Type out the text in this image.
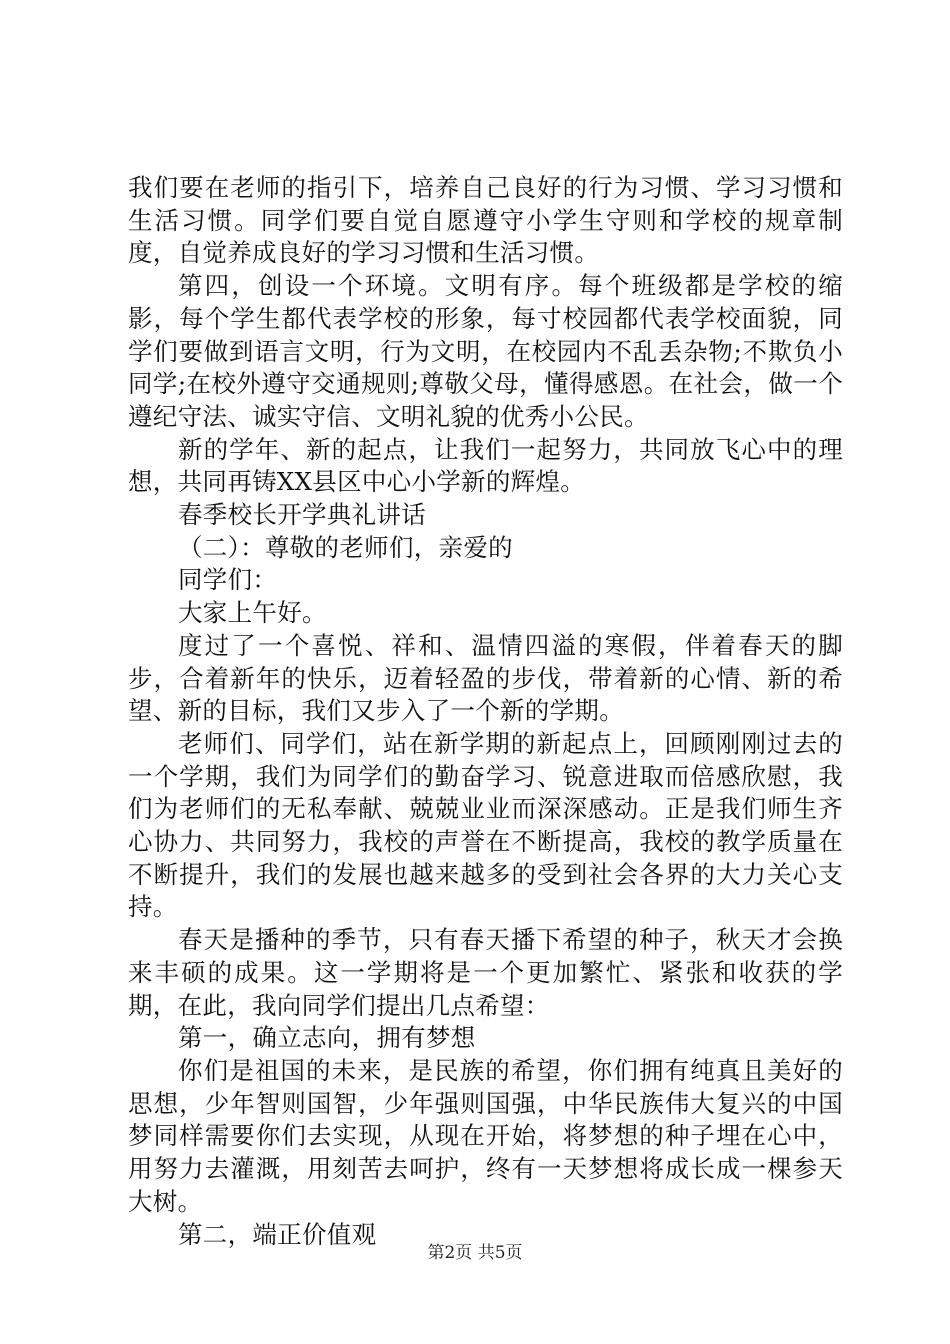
我们要在老师的指引下，培养自己良好的行为习惯、学习习惯和生活习惯。同学们要自觉自愿遵守小学生守则和学校的规章制度，自觉养成良好的学习习惯和生活习惯。

第四，创设一个环境。文明有序。每个班级都是学校的缩影，每个学生都代表学校的形象，每寸校园都代表学校面貌，同学们要做到语言文明，行为文明，在校园内不乱丢杂物;不欺负小同学;在校外遵守交通规则;尊敬父母，懂得感恩。在社会，做一个遵纪守法、诚实守信、文明礼貌的优秀小公民。

新的学年、新的起点，让我们一起努力，共同放飞心中的理想，共同再铸XX县区中心小学新的辉煌。

春季校长开学典礼讲话

（二）：尊敬的老师们，亲爱的

同学们：

大家上午好。

度过了一个喜悦、祥和、温情四溢的寒假，伴着春天的脚步，合着新年的快乐，迈着轻盈的步伐，带着新的心情、新的希望、新的目标，我们又步入了一个新的学期。

老师们、同学们，站在新学期的新起点上，回顾刚刚过去的一个学期，我们为同学们的勤奋学习、锐意进取而倍感欣慰，我们为老师们的无私奉献、兢兢业业而深深感动。正是我们师生齐心协力、共同努力，我校的声誉在不断提高，我校的教学质量在不断提升，我们的发展也越来越多的受到社会各界的大力关心支持。

春天是播种的季节，只有春天播下希望的种子，秋天才会换来丰硕的成果。这一学期将是一个更加繁忙、紧张和收获的学期，在此，我向同学们提出几点希望：

第一，确立志向，拥有梦想

你们是祖国的未来，是民族的希望，你们拥有纯真且美好的思想，少年智则国智，少年强则国强，中华民族伟大复兴的中国梦同样需要你们去实现，从现在开始，将梦想的种子埋在心中，用努力去灌溉，用刻苦去呵护，终有一天梦想将成长成一棵参天大树。

第二，端正价值观

第2页 共5页
